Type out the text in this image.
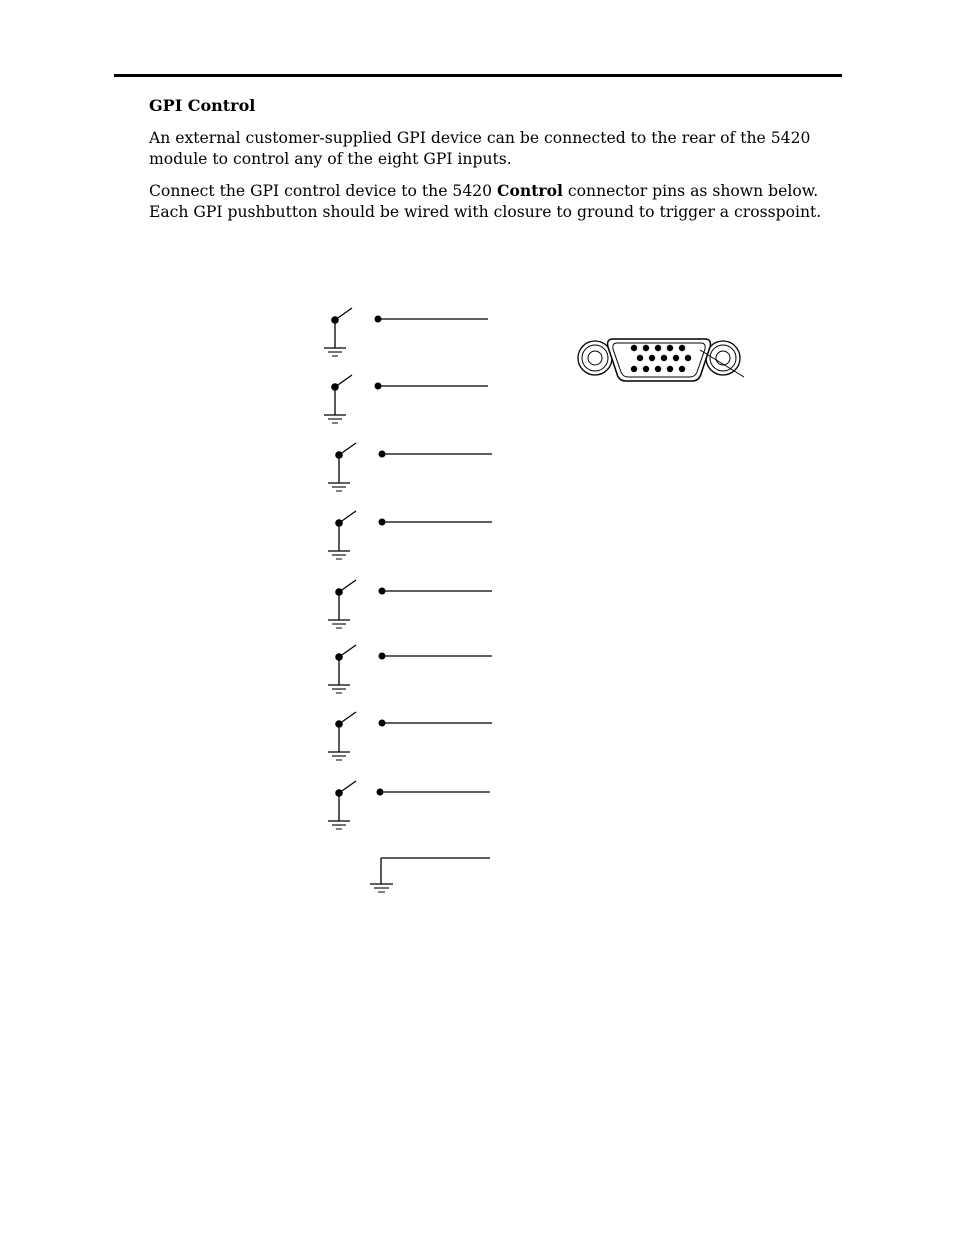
GPI Control

An external customer-supplied GPI device can be connected to the rear of the 5420 module to control any of the eight GPI inputs.

Connect the GPI control device to the 5420 Control connector pins as shown below.
Each GPI pushbutton should be wired with closure to ground to trigger a crosspoint.
